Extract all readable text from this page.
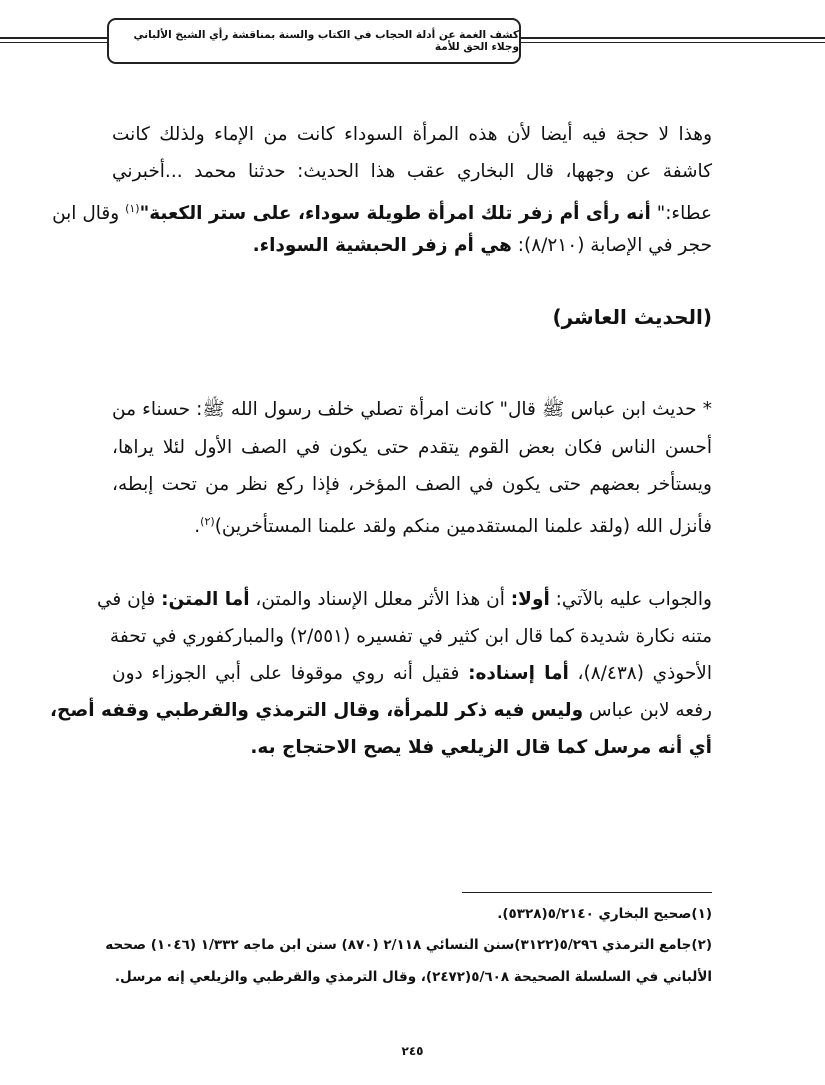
كشف الغمة عن أدلة الحجاب في الكتاب والسنة بمناقشة رأي الشيخ الألباني وجلاء الحق للأمة
وهذا لا حجة فيه أيضا لأن هذه المرأة السوداء كانت من الإماء ولذلك كانت
كاشفة عن وجهها، قال البخاري عقب هذا الحديث: حدثنا محمد ...أخبرني
عطاء:" أنه رأى أم زفر تلك امرأة طويلة سوداء، على ستر الكعبة"$^{(١)}$ وقال ابن
حجر في الإصابة (٨/٢١٠): هي أم زفر الحبشية السوداء.
(الحديث العاشر)
* حديث ابن عباس ﷺ قال" كانت امرأة تصلي خلف رسول الله ﷺ: حسناء من
أحسن الناس فكان بعض القوم يتقدم حتى يكون في الصف الأول لئلا يراها،
ويستأخر بعضهم حتى يكون في الصف المؤخر، فإذا ركع نظر من تحت إبطه،
فأنزل الله (ولقد علمنا المستقدمين منكم ولقد علمنا المستأخرين)$^{(٢)}$.
والجواب عليه بالآتي: أولا: أن هذا الأثر معلل الإسناد والمتن، أما المتن: فإن في
متنه نكارة شديدة كما قال ابن كثير في تفسيره (٢/٥٥١) والمباركفوري في تحفة
الأحوذي (٨/٤٣٨)، أما إسناده: فقيل أنه روي موقوفا على أبي الجوزاء دون
رفعه لابن عباس وليس فيه ذكر للمرأة، وقال الترمذي والقرطبي وقفه أصح،
أي أنه مرسل كما قال الزيلعي فلا يصح الاحتجاج به.
(١)صحيح البخاري ٥/٢١٤٠(٥٣٢٨).
(٢)جامع الترمذي ٥/٢٩٦(٣١٢٢)سنن النسائي ٢/١١٨ (٨٧٠) سنن ابن ماجه ١/٣٣٢ (١٠٤٦) صححه
الألباني في السلسلة الصحيحة ٥/٦٠٨(٢٤٧٢)، وقال الترمذي والقرطبي والزيلعي إنه مرسل.
٢٤٥
